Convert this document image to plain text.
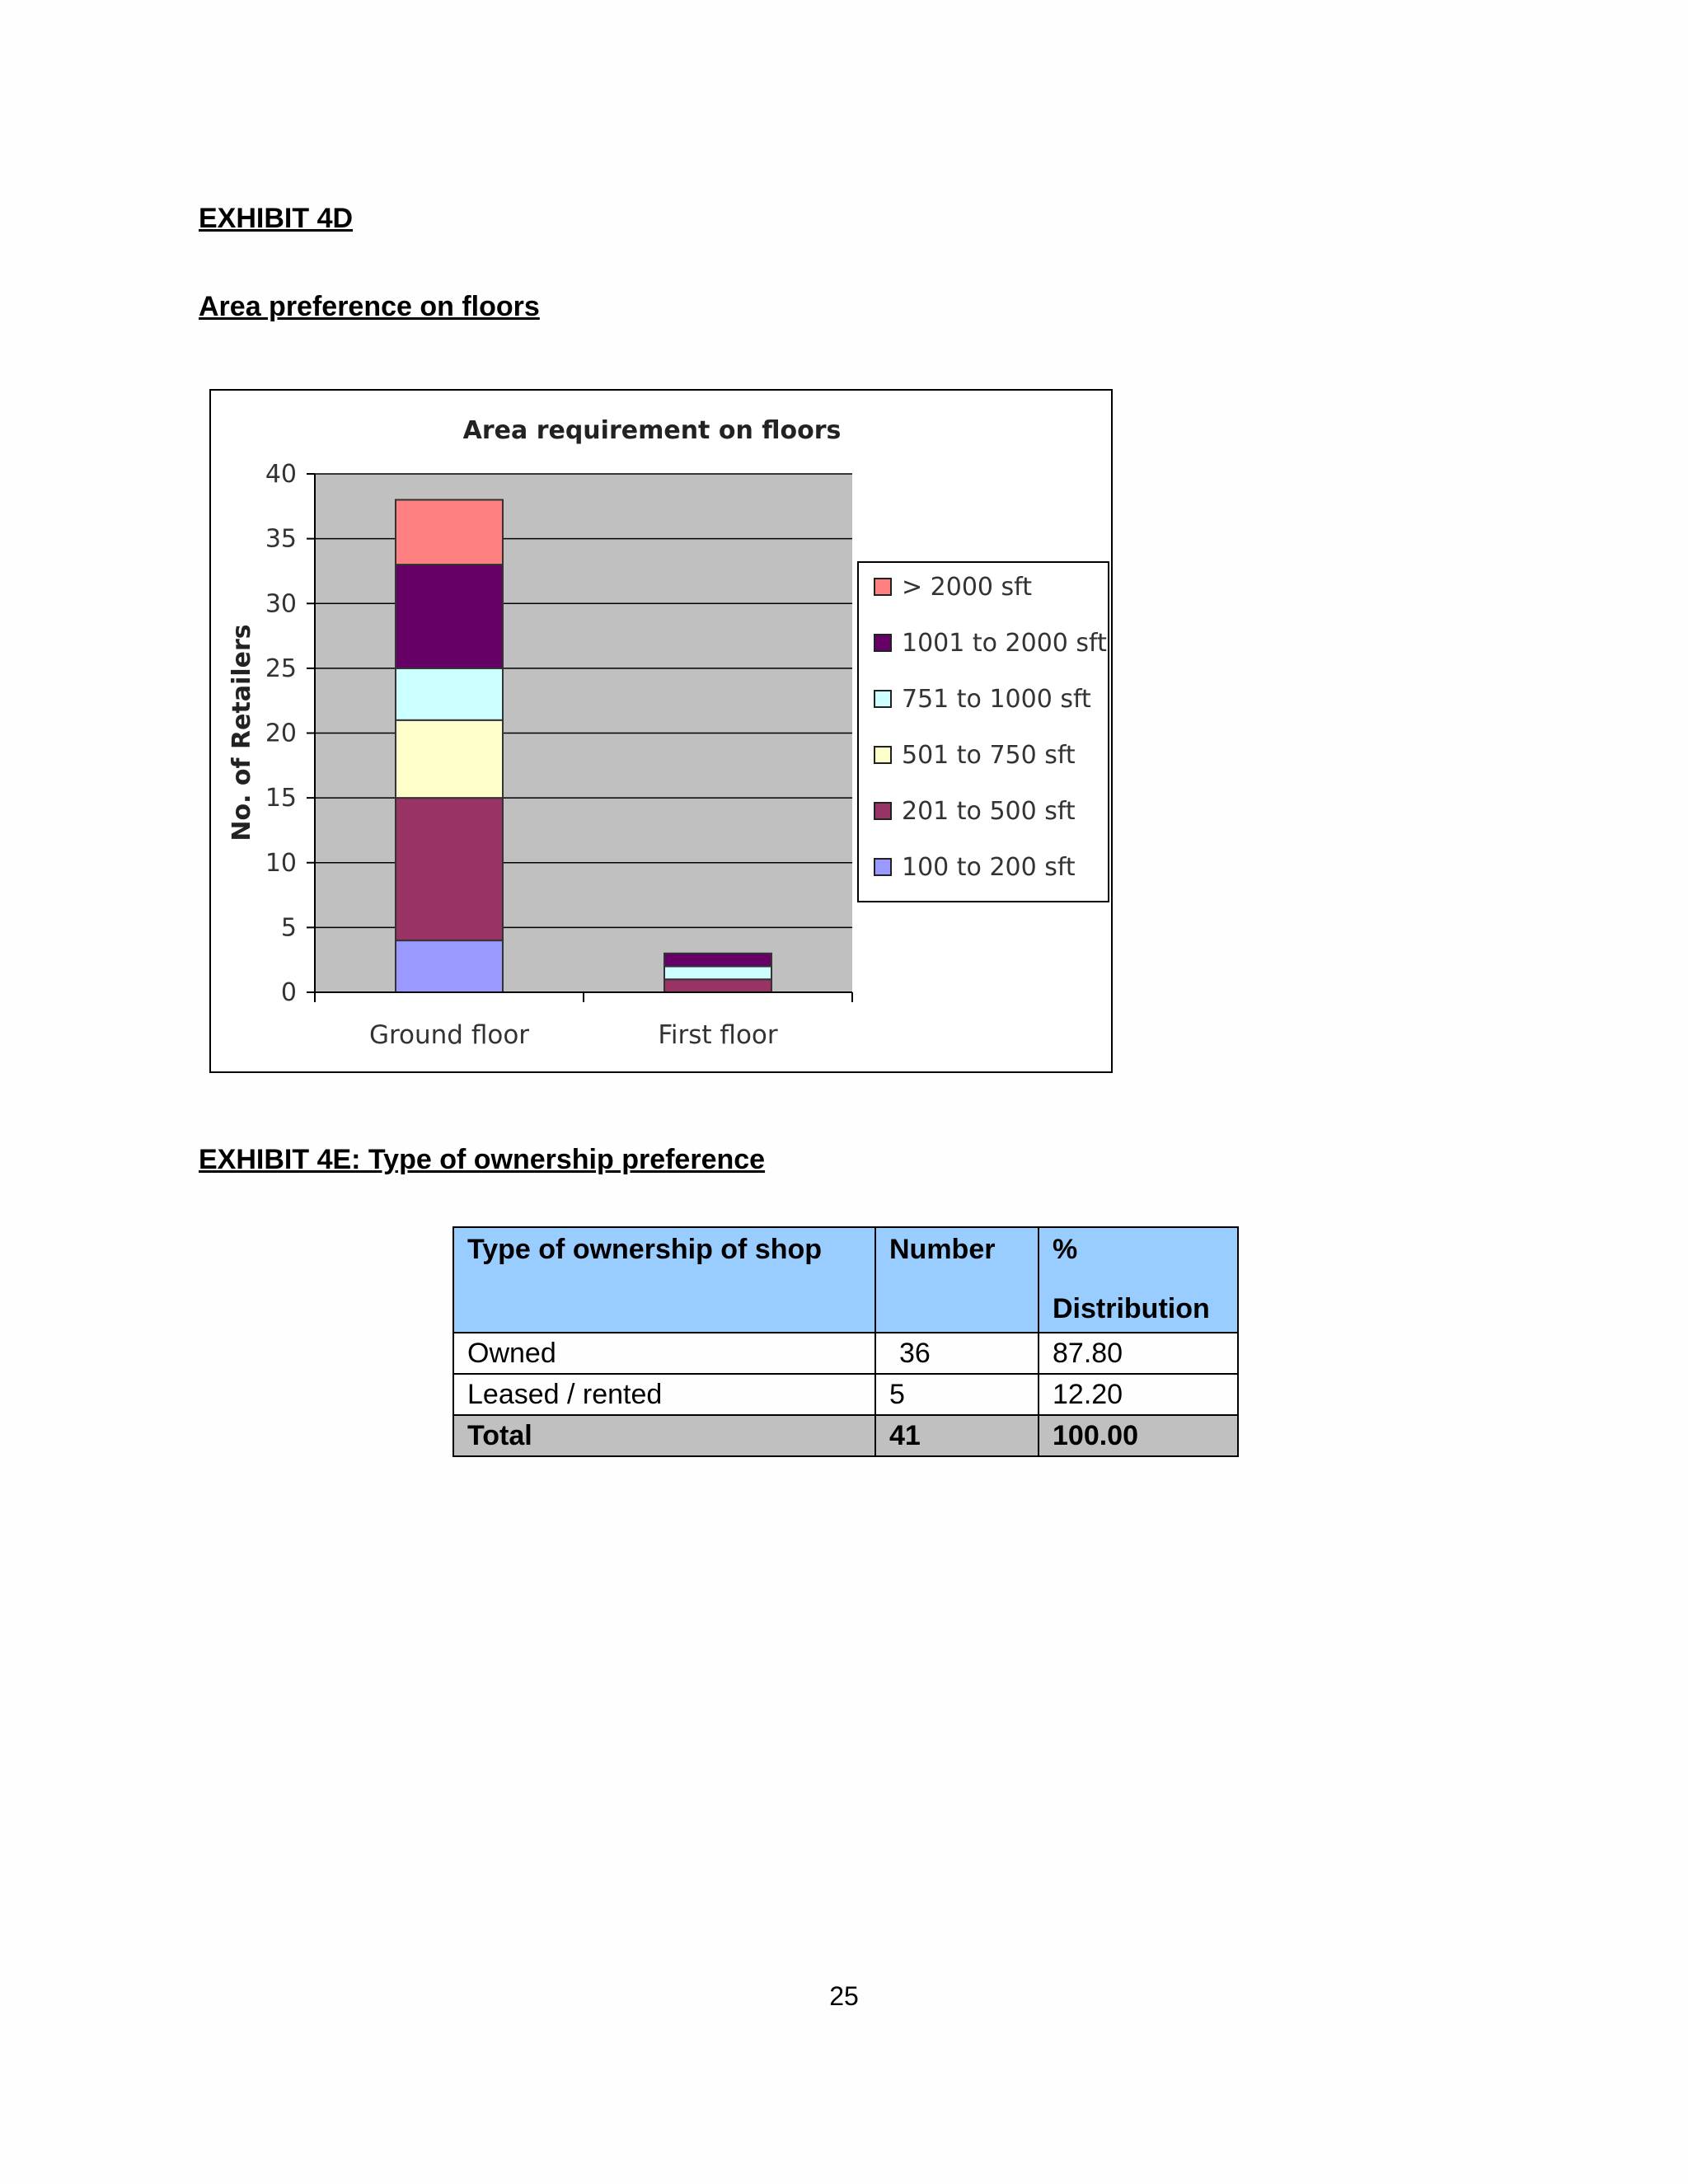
EXHIBIT 4D
Area preference on floors
Area requirement on floors
0
5
10
15
20
25
30
35
40
Ground floor	First floor
No. of Retailers
> 2000 sft
1001 to 2000 sft
751 to 1000 sft
501 to 750 sft
201 to 500 sft
100 to 200 sft
EXHIBIT 4E: Type of ownership preference
Type of ownership of shop	Number	%
Distribution

Owned	36	87.80
Leased / rented	5	12.20
Total	41	100.00
25
